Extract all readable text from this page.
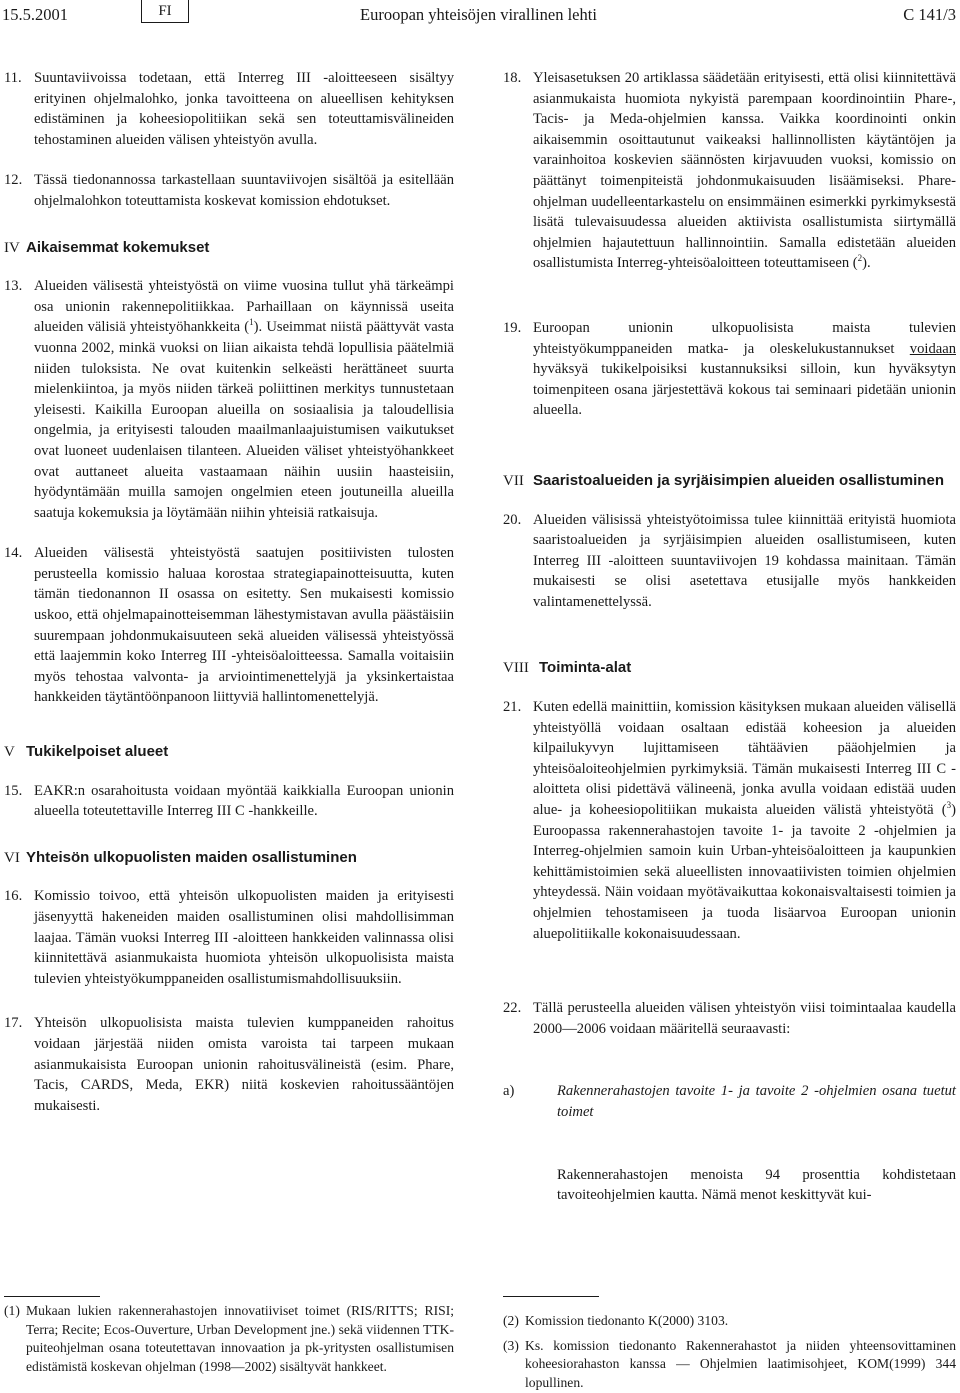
15.5.2001	FI	Euroopan yhteisöjen virallinen lehti	C 141/3
11. Suuntaviivoissa todetaan, että Interreg III -aloitteeseen sisältyy erityinen ohjelmalohko, jonka tavoitteena on alueellisen kehityksen edistäminen ja koheesiopolitiikan sekä sen toteuttamisvälineiden tehostaminen alueiden välisen yhteistyön avulla.
12. Tässä tiedonannossa tarkastellaan suuntaviivojen sisältöä ja esitellään ohjelmalohkon toteuttamista koskevat komission ehdotukset.
IV Aikaisemmat kokemukset
13. Alueiden välisestä yhteistyöstä on viime vuosina tullut yhä tärkeämpi osa unionin rakennepolitiikkaa. Parhaillaan on käynnissä useita alueiden välisiä yhteistyöhankkeita ($^1$). Useimmat niistä päättyvät vasta vuonna 2002, minkä vuoksi on liian aikaista tehdä lopullisia päätelmiä niiden tuloksista. Ne ovat kuitenkin selkeästi herättäneet suurta mielenkiintoa, ja myös niiden tärkeä poliittinen merkitys tunnustetaan yleisesti. Kaikilla Euroopan alueilla on sosiaalisia ja taloudellisia ongelmia, ja erityisesti talouden maailmanlaajuistumisen vaikutukset ovat luoneet uudenlaisen tilanteen. Alueiden väliset yhteistyöhankkeet ovat auttaneet alueita vastaamaan näihin uusiin haasteisiin, hyödyntämään muilla samojen ongelmien eteen joutuneilla alueilla saatuja kokemuksia ja löytämään niihin yhteisiä ratkaisuja.
14. Alueiden välisestä yhteistyöstä saatujen positiivisten tulosten perusteella komissio haluaa korostaa strategiapainotteisuutta, kuten tämän tiedonannon II osassa on esitetty. Sen mukaisesti komissio uskoo, että ohjelmapainotteisemman lähestymistavan avulla päästäisiin suurempaan johdonmukaisuuteen sekä alueiden välisessä yhteistyössä että laajemmin koko Interreg III -yhteisöaloitteessa. Samalla voitaisiin myös tehostaa valvonta- ja arviointimenettelyjä ja yksinkertaistaa hankkeiden täytäntöönpanoon liittyviä hallintomenettelyjä.
V Tukikelpoiset alueet
15. EAKR:n osarahoitusta voidaan myöntää kaikkialla Euroopan unionin alueella toteutettaville Interreg III C -hankkeille.
VI Yhteisön ulkopuolisten maiden osallistuminen
16. Komissio toivoo, että yhteisön ulkopuolisten maiden ja erityisesti jäsenyyttä hakeneiden maiden osallistuminen olisi mahdollisimman laajaa. Tämän vuoksi Interreg III -aloitteen hankkeiden valinnassa olisi kiinnitettävä asianmukaista huomiota yhteisön ulkopuolisista maista tulevien yhteistyökumppaneiden osallistumismahdollisuuksiin.
17. Yhteisön ulkopuolisista maista tulevien kumppaneiden rahoitus voidaan järjestää niiden omista varoista tai tarpeen mukaan asianmukaisista Euroopan unionin rahoitusvälineistä (esim. Phare, Tacis, CARDS, Meda, EKR) niitä koskevien rahoitussääntöjen mukaisesti.
(1) Mukaan lukien rakennerahastojen innovatiiviset toimet (RIS/RITTS; RISI; Terra; Recite; Ecos-Ouverture, Urban Development jne.) sekä viidennen TTK-puiteohjelman osana toteutettavan innovaation ja pk-yritysten osallistumisen edistämistä koskevan ohjelman (1998—2002) sisältyvät hankkeet.
18. Yleisasetuksen 20 artiklassa säädetään erityisesti, että olisi kiinnitettävä asianmukaista huomiota nykyistä parempaan koordinointiin Phare-, Tacis- ja Meda-ohjelmien kanssa. Vaikka koordinointi onkin aikaisemmin osoittautunut vaikeaksi hallinnollisten käytäntöjen ja varainhoitoa koskevien säännösten kirjavuuden vuoksi, komissio on päättänyt toimenpiteistä johdonmukaisuuden lisäämiseksi. Phare-ohjelman uudelleentarkastelu on ensimmäinen esimerkki pyrkimyksestä lisätä tulevaisuudessa alueiden aktiivista osallistumista siirtymällä ohjelmien hajautettuun hallinnointiin. Samalla edistetään alueiden osallistumista Interreg-yhteisöaloitteen toteuttamiseen ($^2$).
19. Euroopan unionin ulkopuolisista maista tulevien yhteistyökumppaneiden matka- ja oleskelukustannukset voidaan hyväksyä tukikelpoisiksi kustannuksiksi silloin, kun hyväksytyn toimenpiteen osana järjestettävä kokous tai seminaari pidetään unionin alueella.
VII Saaristoalueiden ja syrjäisimpien alueiden osallistuminen
20. Alueiden välisissä yhteistyötoimissa tulee kiinnittää erityistä huomiota saaristoalueiden ja syrjäisimpien alueiden osallistumiseen, kuten Interreg III -aloitteen suuntaviivojen 19 kohdassa mainitaan. Tämän mukaisesti se olisi asetettava etusijalle myös hankkeiden valintamenettelyssä.
VIII Toiminta-alat
21. Kuten edellä mainittiin, komission käsityksen mukaan alueiden välisellä yhteistyöllä voidaan osaltaan edistää koheesion ja alueiden kilpailukyvyn lujittamiseen tähtäävien pääohjelmien ja yhteisöaloiteohjelmien pyrkimyksiä. Tämän mukaisesti Interreg III C -aloitteta olisi pidettävä välineenä, jonka avulla voidaan edistää uuden alue- ja koheesiopolitiikan mukaista alueiden välistä yhteistyötä ($^3$) Euroopassa rakennerahastojen tavoite 1- ja tavoite 2 -ohjelmien ja Interreg-ohjelmien samoin kuin Urban-yhteisöaloitteen ja kaupunkien kehittämistoimien sekä alueellisten innovaatiivisten toimien ohjelmien yhteydessä. Näin voidaan myötävaikuttaa kokonaisvaltaisesti toimien ja ohjelmien tehostamiseen ja tuoda lisäarvoa Euroopan unionin aluepolitiikalle kokonaisuudessaan.
22. Tällä perusteella alueiden välisen yhteistyön viisi toimintaalaa kaudella 2000—2006 voidaan määritellä seuraavasti:
a)	Rakennerahastojen tavoite 1- ja tavoite 2 -ohjelmien osana tuetut toimet
Rakennerahastojen menoista 94 prosenttia kohdistetaan tavoiteohjelmien kautta. Nämä menot keskittyvät kui-
(2) Komission tiedonanto K(2000) 3103.
(3) Ks. komission tiedonanto Rakennerahastot ja niiden yhteensovittaminen koheesiorahaston kanssa — Ohjelmien laatimisohjeet, KOM(1999) 344 lopullinen.
